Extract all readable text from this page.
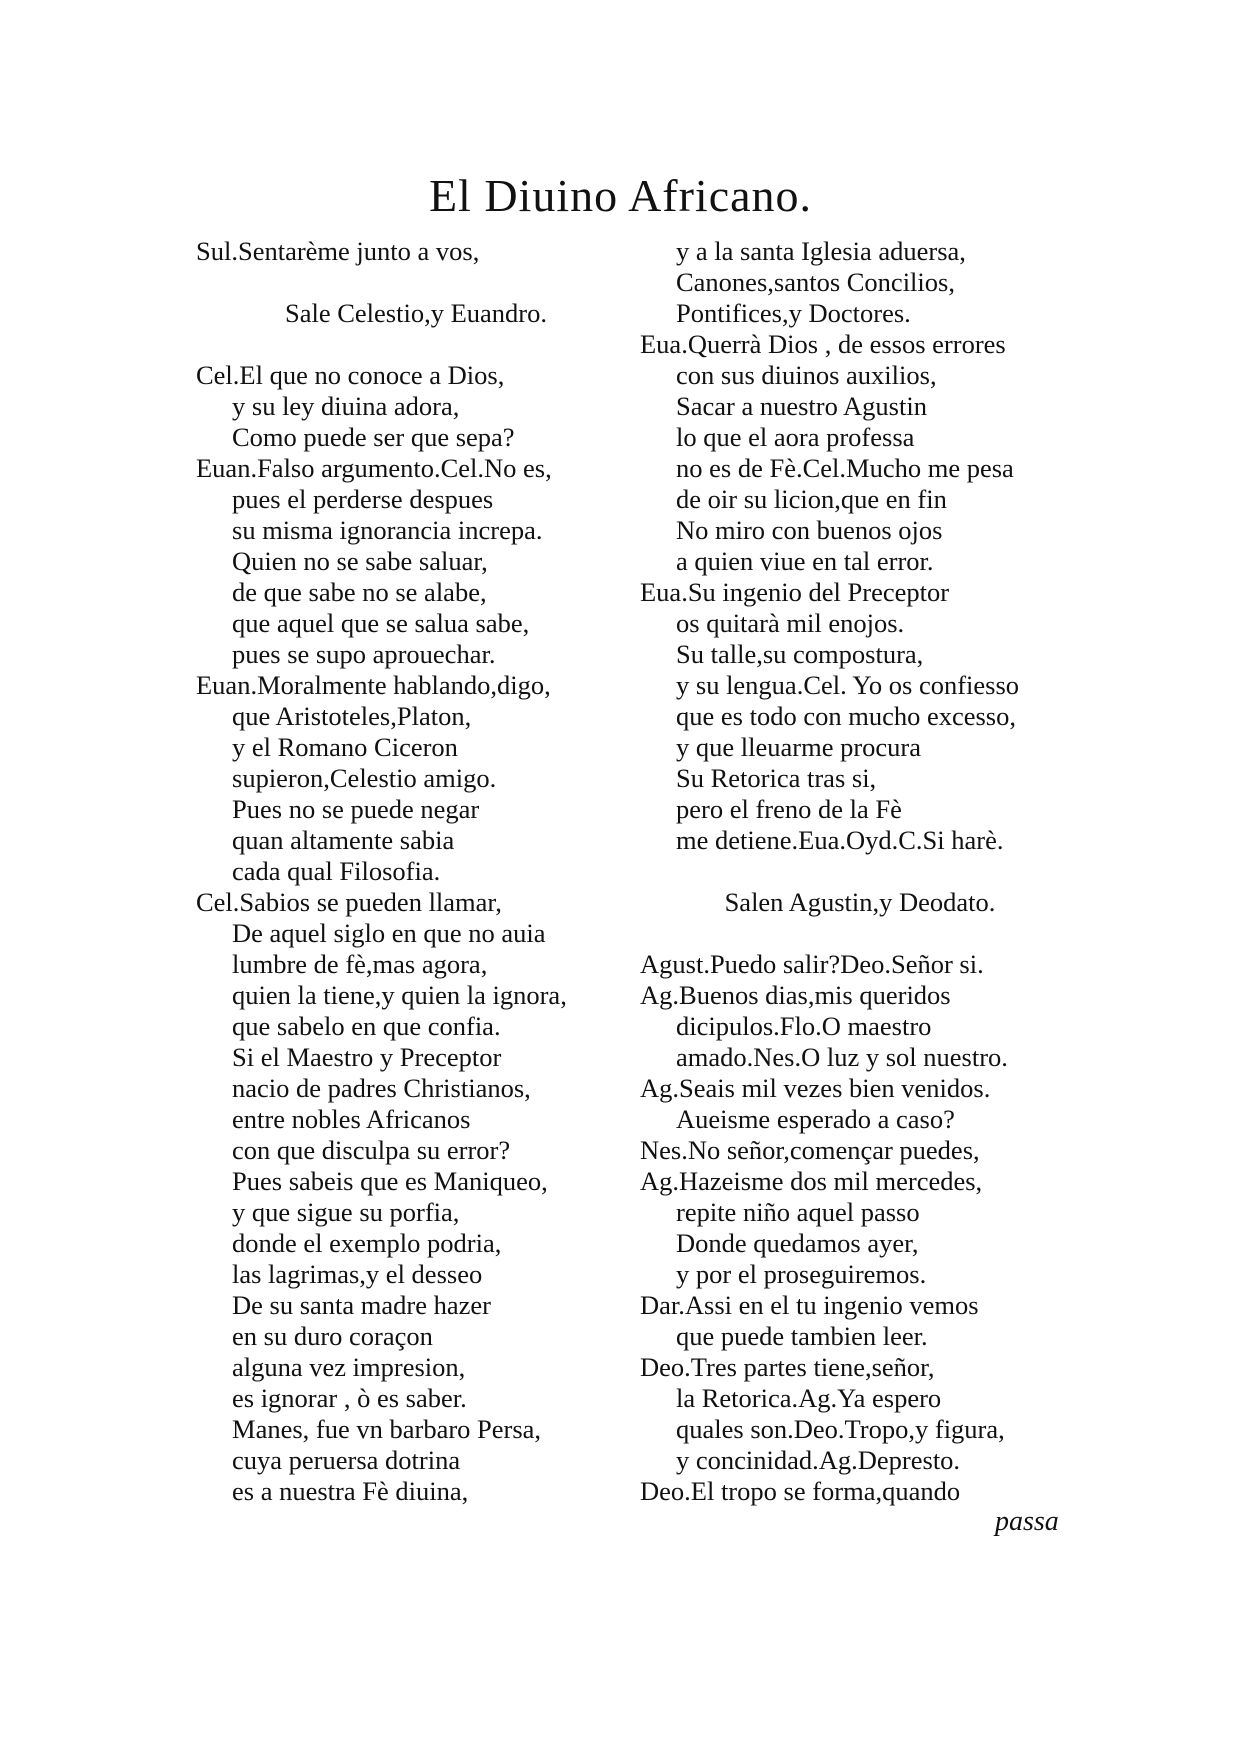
El Diuino Africano.
Sul.Sentarème junto a vos,
Sale Celestio,y Euandro.
Cel.El que no conoce a Dios,
y su ley diuina adora,
Como puede ser que sepa?
Euan.Falso argumento.Cel.No es,
pues el perderse despues
su misma ignorancia increpa.
Quien no se sabe saluar,
de que sabe no se alabe,
que aquel que se salua sabe,
pues se supo aprouechar.
Euan.Moralmente hablando,digo,
que Aristoteles,Platon,
y el Romano Ciceron
supieron,Celestio amigo.
Pues no se puede negar
quan altamente sabia
cada qual Filosofia.
Cel.Sabios se pueden llamar,
De aquel siglo en que no auia
lumbre de fè,mas agora,
quien la tiene,y quien la ignora,
que sabelo en que confia.
Si el Maestro y Preceptor
nacio de padres Christianos,
entre nobles Africanos
con que disculpa su error?
Pues sabeis que es Maniqueo,
y que sigue su porfia,
donde el exemplo podria,
las lagrimas,y el desseo
De su santa madre hazer
en su duro coraçon
alguna vez impresion,
es ignorar , ò es saber.
Manes, fue vn barbaro Persa,
cuya peruersa dotrina
es a nuestra Fè diuina,
y a la santa Iglesia aduersa,
Canones,santos Concilios,
Pontifices,y Doctores.
Eua.Querrà Dios , de essos errores
con sus diuinos auxilios,
Sacar a nuestro Agustin
lo que el aora professa
no es de Fè.Cel.Mucho me pesa
de oir su licion,que en fin
No miro con buenos ojos
a quien viue en tal error.
Eua.Su ingenio del Preceptor
os quitarà mil enojos.
Su talle,su compostura,
y su lengua.Cel. Yo os confiesso
que es todo con mucho excesso,
y que lleuarme procura
Su Retorica tras si,
pero el freno de la Fè
me detiene.Eua.Oyd.C.Si harè.
Salen Agustin,y Deodato.
Agust.Puedo salir?Deo.Señor si.
Ag.Buenos dias,mis queridos
dicipulos.Flo.O maestro
amado.Nes.O luz y sol nuestro.
Ag.Seais mil vezes bien venidos.
Aueisme esperado a caso?
Nes.No señor,començar puedes,
Ag.Hazeisme dos mil mercedes,
repite niño aquel passo
Donde quedamos ayer,
y por el proseguiremos.
Dar.Assi en el tu ingenio vemos
que puede tambien leer.
Deo.Tres partes tiene,señor,
la Retorica.Ag.Ya espero
quales son.Deo.Tropo,y figura,
y concinidad.Ag.Depresto.
Deo.El tropo se forma,quando
passa
